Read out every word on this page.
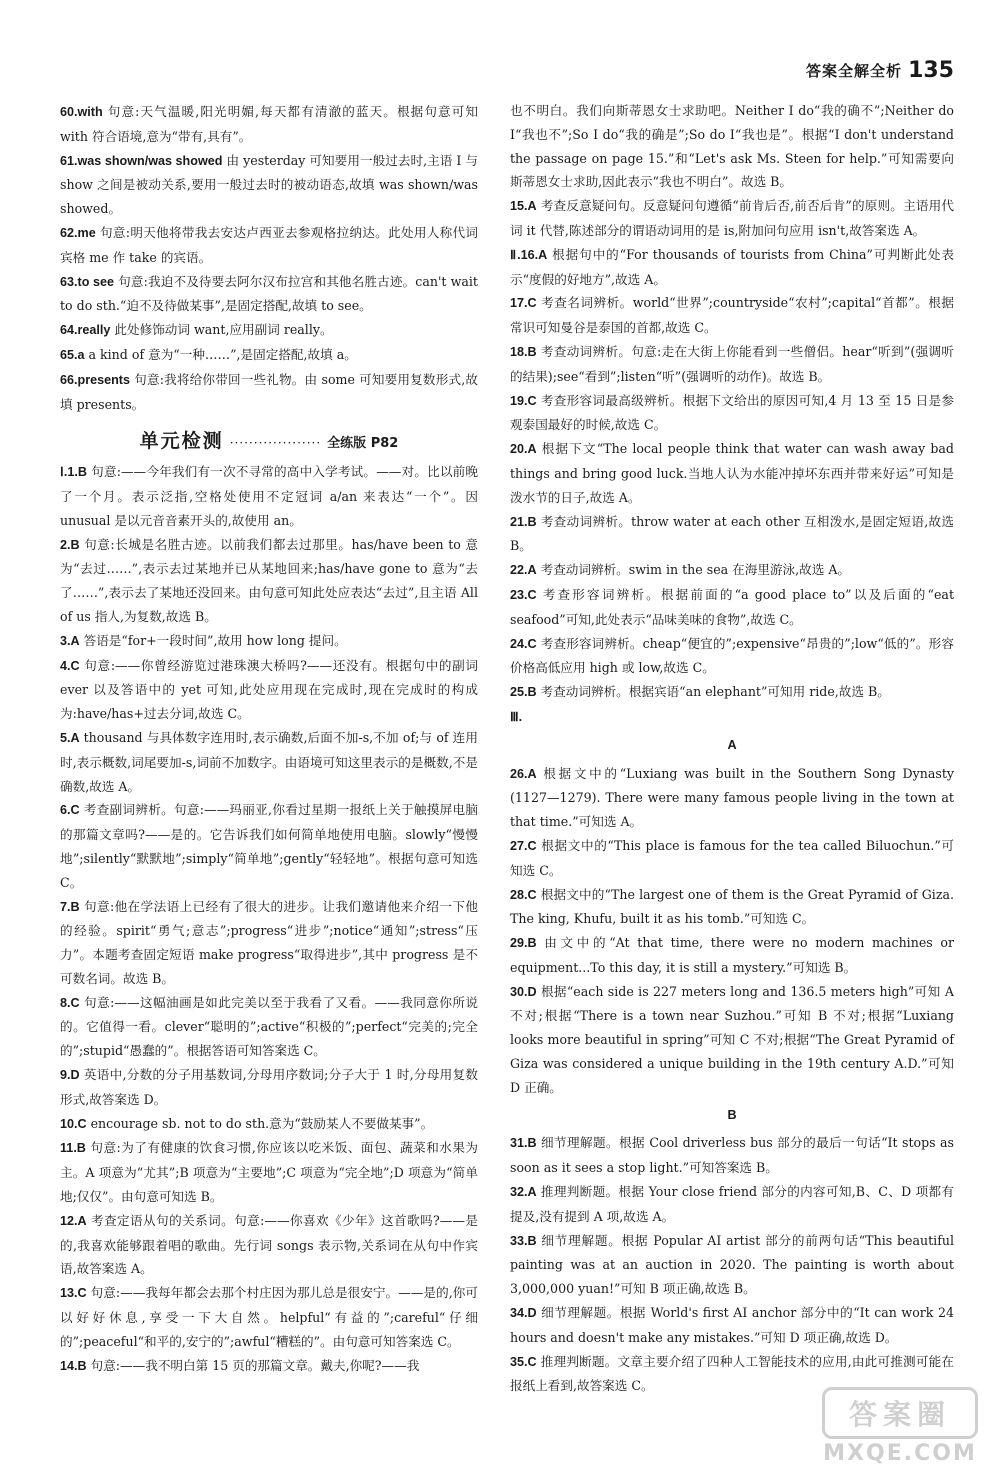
答案全解全析 135

60.with 句意:天气温暖,阳光明媚,每天都有清澈的蓝天。根据句意可知 with 符合语境,意为“带有,具有”。

61.was shown/was showed 由 yesterday 可知要用一般过去时,主语 I 与 show 之间是被动关系,要用一般过去时的被动语态,故填 was shown/was showed。

62.me 句意:明天他将带我去安达卢西亚去参观格拉纳达。此处用人称代词宾格 me 作 take 的宾语。

63.to see 句意:我迫不及待要去阿尔汉布拉宫和其他名胜古迹。can't wait to do sth.“迫不及待做某事”,是固定搭配,故填 to see。

64.really 此处修饰动词 want,应用副词 really。

65.a a kind of 意为“一种……”,是固定搭配,故填 a。

66.presents 句意:我将给你带回一些礼物。由 some 可知要用复数形式,故填 presents。

单元检测 ··················· 全练版 P82

Ⅰ.1.B 句意:——今年我们有一次不寻常的高中入学考试。——对。比以前晚了一个月。表示泛指,空格处使用不定冠词 a/an 来表达“一个”。因 unusual 是以元音音素开头的,故使用 an。

2.B 句意:长城是名胜古迹。以前我们都去过那里。has/have been to 意为“去过……”,表示去过某地并已从某地回来;has/have gone to 意为“去了……”,表示去了某地还没回来。由句意可知此处应表达“去过”,且主语 All of us 指人,为复数,故选 B。

3.A 答语是“for+一段时间”,故用 how long 提问。

4.C 句意:——你曾经游览过港珠澳大桥吗?——还没有。根据句中的副词 ever 以及答语中的 yet 可知,此处应用现在完成时,现在完成时的构成为:have/has+过去分词,故选 C。

5.A thousand 与具体数字连用时,表示确数,后面不加-s,不加 of;与 of 连用时,表示概数,词尾要加-s,词前不加数字。由语境可知这里表示的是概数,不是确数,故选 A。

6.C 考查副词辨析。句意:——玛丽亚,你看过星期一报纸上关于触摸屏电脑的那篇文章吗?——是的。它告诉我们如何简单地使用电脑。slowly“慢慢地”;silently“默默地”;simply“简单地”;gently“轻轻地”。根据句意可知选 C。

7.B 句意:他在学法语上已经有了很大的进步。让我们邀请他来介绍一下他的经验。spirit“勇气;意志”;progress“进步”;notice“通知”;stress“压力”。本题考查固定短语 make progress“取得进步”,其中 progress 是不可数名词。故选 B。

8.C 句意:——这幅油画是如此完美以至于我看了又看。——我同意你所说的。它值得一看。clever“聪明的”;active“积极的”;perfect“完美的;完全的”;stupid“愚蠢的”。根据答语可知答案选 C。

9.D 英语中,分数的分子用基数词,分母用序数词;分子大于 1 时,分母用复数形式,故答案选 D。

10.C encourage sb. not to do sth.意为“鼓励某人不要做某事”。

11.B 句意:为了有健康的饮食习惯,你应该以吃米饭、面包、蔬菜和水果为主。A 项意为“尤其”;B 项意为“主要地”;C 项意为“完全地”;D 项意为“简单地;仅仅”。由句意可知选 B。

12.A 考查定语从句的关系词。句意:——你喜欢《少年》这首歌吗?——是的,我喜欢能够跟着唱的歌曲。先行词 songs 表示物,关系词在从句中作宾语,故答案选 A。

13.C 句意:——我每年都会去那个村庄因为那儿总是很安宁。——是的,你可以好好休息,享受一下大自然。helpful“有益的”;careful“仔细的”;peaceful“和平的,安宁的”;awful“糟糕的”。由句意可知答案选 C。

14.B 句意:——我不明白第 15 页的那篇文章。戴夫,你呢?——我

也不明白。我们向斯蒂恩女士求助吧。Neither I do“我的确不”;Neither do I“我也不”;So I do“我的确是”;So do I“我也是”。根据“I don't understand the passage on page 15.”和“Let's ask Ms. Steen for help.”可知需要向斯蒂恩女士求助,因此表示“我也不明白”。故选 B。

15.A 考查反意疑问句。反意疑问句遵循“前肯后否,前否后肯”的原则。主语用代词 it 代替,陈述部分的谓语动词用的是 is,附加问句应用 isn't,故答案选 A。

Ⅱ.16.A 根据句中的“For thousands of tourists from China”可判断此处表示“度假的好地方”,故选 A。

17.C 考查名词辨析。world“世界”;countryside“农村”;capital“首都”。根据常识可知曼谷是泰国的首都,故选 C。

18.B 考查动词辨析。句意:走在大街上你能看到一些僧侣。hear“听到”(强调听的结果);see“看到”;listen“听”(强调听的动作)。故选 B。

19.C 考查形容词最高级辨析。根据下文给出的原因可知,4 月 13 至 15 日是参观泰国最好的时候,故选 C。

20.A 根据下文“The local people think that water can wash away bad things and bring good luck.当地人认为水能冲掉坏东西并带来好运”可知是泼水节的日子,故选 A。

21.B 考查动词辨析。throw water at each other 互相泼水,是固定短语,故选 B。

22.A 考查动词辨析。swim in the sea 在海里游泳,故选 A。

23.C 考查形容词辨析。根据前面的“a good place to”以及后面的“eat seafood”可知,此处表示“品味美味的食物”,故选 C。

24.C 考查形容词辨析。cheap“便宜的”;expensive“昂贵的”;low“低的”。形容价格高低应用 high 或 low,故选 C。

25.B 考查动词辨析。根据宾语“an elephant”可知用 ride,故选 B。

Ⅲ.
A

26.A 根据文中的“Luxiang was built in the Southern Song Dynasty (1127—1279). There were many famous people living in the town at that time.”可知选 A。

27.C 根据文中的“This place is famous for the tea called Biluochun.”可知选 C。

28.C 根据文中的“The largest one of them is the Great Pyramid of Giza. The king, Khufu, built it as his tomb.”可知选 C。

29.B 由文中的“At that time, there were no modern machines or equipment...To this day, it is still a mystery.”可知选 B。

30.D 根据“each side is 227 meters long and 136.5 meters high”可知 A 不对;根据“There is a town near Suzhou.”可知 B 不对;根据“Luxiang looks more beautiful in spring”可知 C 不对;根据“The Great Pyramid of Giza was considered a unique building in the 19th century A.D.”可知 D 正确。

B

31.B 细节理解题。根据 Cool driverless bus 部分的最后一句话“It stops as soon as it sees a stop light.”可知答案选 B。

32.A 推理判断题。根据 Your close friend 部分的内容可知,B、C、D 项都有提及,没有提到 A 项,故选 A。

33.B 细节理解题。根据 Popular AI artist 部分的前两句话“This beautiful painting was at an auction in 2020. The painting is worth about 3,000,000 yuan!”可知 B 项正确,故选 B。

34.D 细节理解题。根据 World's first AI anchor 部分中的“It can work 24 hours and doesn't make any mistakes.”可知 D 项正确,故选 D。

35.C 推理判断题。文章主要介绍了四种人工智能技术的应用,由此可推测可能在报纸上看到,故答案选 C。

答案圈
MXQE.COM
